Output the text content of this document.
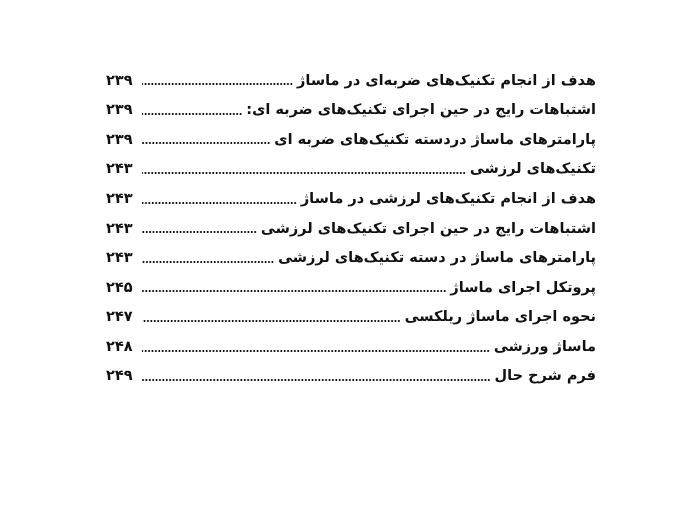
هدف از انجام تکنیک‌های ضربه‌ای در ماساژ
۲۳۹
اشتباهات رایج در حین اجرای تکنیک‌های ضربه ای:
۲۳۹
پارامترهای ماساژ دردسته تکنیک‌های ضربه ای
۲۳۹
تکنیک‌های لرزشی
۲۴۳
هدف از انجام تکنیک‌های لرزشی در ماساژ
۲۴۳
اشتباهات رایج در حین اجرای تکنیک‌های لرزشی
۲۴۳
پارامترهای ماساژ در دسته تکنیک‌های لرزشی
۲۴۳
پروتکل اجرای ماساژ
۲۴۵
نحوه اجرای ماساژ ریلکسی
۲۴۷
ماساژ ورزشی
۲۴۸
فرم شرح حال
۲۴۹
